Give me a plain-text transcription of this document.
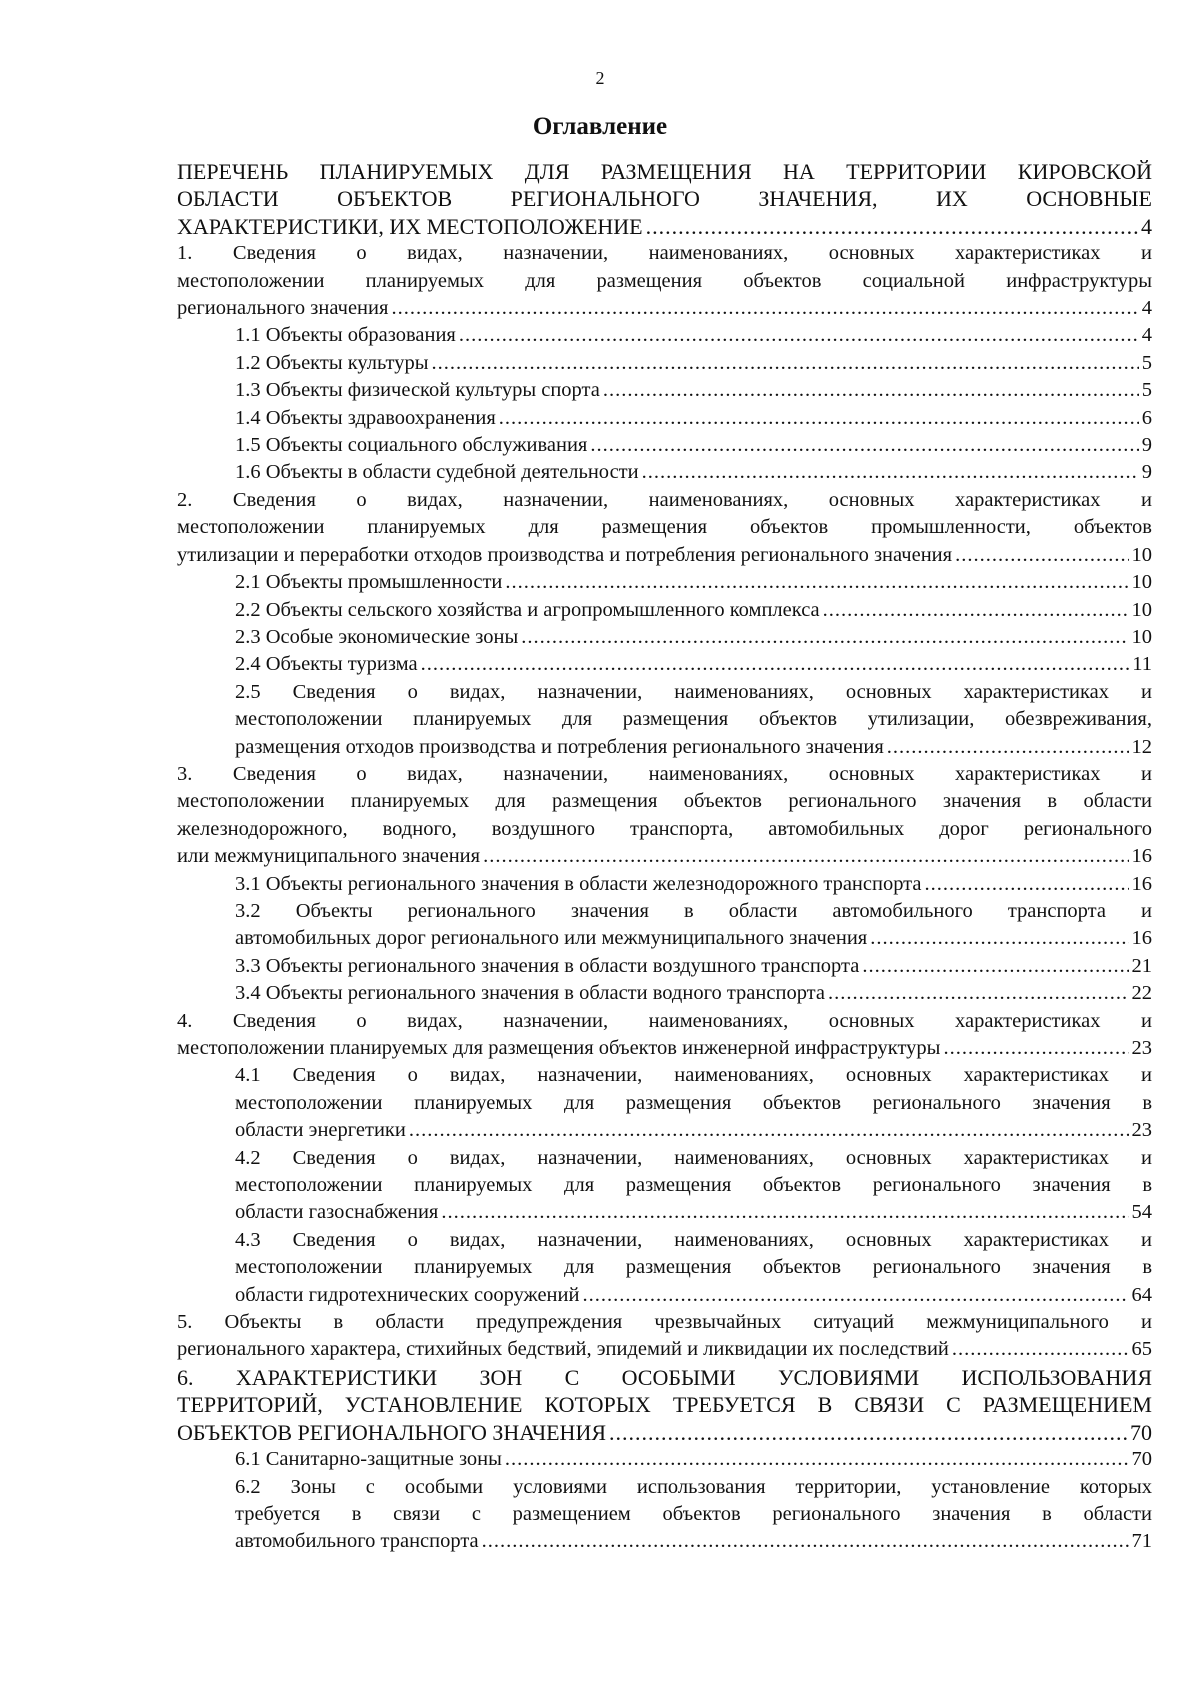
2
Оглавление
ПЕРЕЧЕНЬ ПЛАНИРУЕМЫХ ДЛЯ РАЗМЕЩЕНИЯ НА ТЕРРИТОРИИ КИРОВСКОЙ
ОБЛАСТИ ОБЪЕКТОВ РЕГИОНАЛЬНОГО ЗНАЧЕНИЯ, ИХ ОСНОВНЫЕ
ХАРАКТЕРИСТИКИ, ИХ МЕСТОПОЛОЖЕНИЕ .....	4
1. Сведения о видах, назначении, наименованиях, основных характеристиках и
местоположении планируемых для размещения объектов социальной инфраструктуры
регионального значения .....	4
1.1 Объекты образования .....	4
1.2 Объекты культуры .....	5
1.3 Объекты физической культуры спорта .....	5
1.4 Объекты здравоохранения .....	6
1.5 Объекты социального обслуживания .....	9
1.6 Объекты в области судебной деятельности .....	9
2. Сведения о видах, назначении, наименованиях, основных характеристиках и
местоположении планируемых для размещения объектов промышленности, объектов
утилизации и переработки отходов производства и потребления регионального значения .....	10
2.1 Объекты промышленности .....	10
2.2 Объекты сельского хозяйства и агропромышленного комплекса .....	10
2.3 Особые экономические зоны .....	10
2.4 Объекты туризма .....	11
2.5 Сведения о видах, назначении, наименованиях, основных характеристиках и
местоположении планируемых для размещения объектов утилизации, обезвреживания,
размещения отходов производства и потребления регионального значения .....	12
3. Сведения о видах, назначении, наименованиях, основных характеристиках и
местоположении планируемых для размещения объектов регионального значения в области
железнодорожного, водного, воздушного транспорта, автомобильных дорог регионального
или межмуниципального значения .....	16
3.1 Объекты регионального значения в области железнодорожного транспорта .....	16
3.2 Объекты регионального значения в области автомобильного транспорта и
автомобильных дорог регионального или межмуниципального значения .....	16
3.3 Объекты регионального значения в области воздушного транспорта .....	21
3.4 Объекты регионального значения в области водного транспорта .....	22
4. Сведения о видах, назначении, наименованиях, основных характеристиках и
местоположении планируемых для размещения объектов инженерной инфраструктуры .....	23
4.1 Сведения о видах, назначении, наименованиях, основных характеристиках и
местоположении планируемых для размещения объектов регионального значения в
области энергетики .....	23
4.2 Сведения о видах, назначении, наименованиях, основных характеристиках и
местоположении планируемых для размещения объектов регионального значения в
области газоснабжения .....	54
4.3 Сведения о видах, назначении, наименованиях, основных характеристиках и
местоположении планируемых для размещения объектов регионального значения в
области гидротехнических сооружений .....	64
5. Объекты в области предупреждения чрезвычайных ситуаций межмуниципального и
регионального характера, стихийных бедствий, эпидемий и ликвидации их последствий .....	65
6. ХАРАКТЕРИСТИКИ ЗОН С ОСОБЫМИ УСЛОВИЯМИ ИСПОЛЬЗОВАНИЯ
ТЕРРИТОРИЙ, УСТАНОВЛЕНИЕ КОТОРЫХ ТРЕБУЕТСЯ В СВЯЗИ С РАЗМЕЩЕНИЕМ
ОБЪЕКТОВ РЕГИОНАЛЬНОГО ЗНАЧЕНИЯ .....	70
6.1 Санитарно-защитные зоны .....	70
6.2 Зоны с особыми условиями использования территории, установление которых
требуется в связи с размещением объектов регионального значения в области
автомобильного транспорта .....	71
